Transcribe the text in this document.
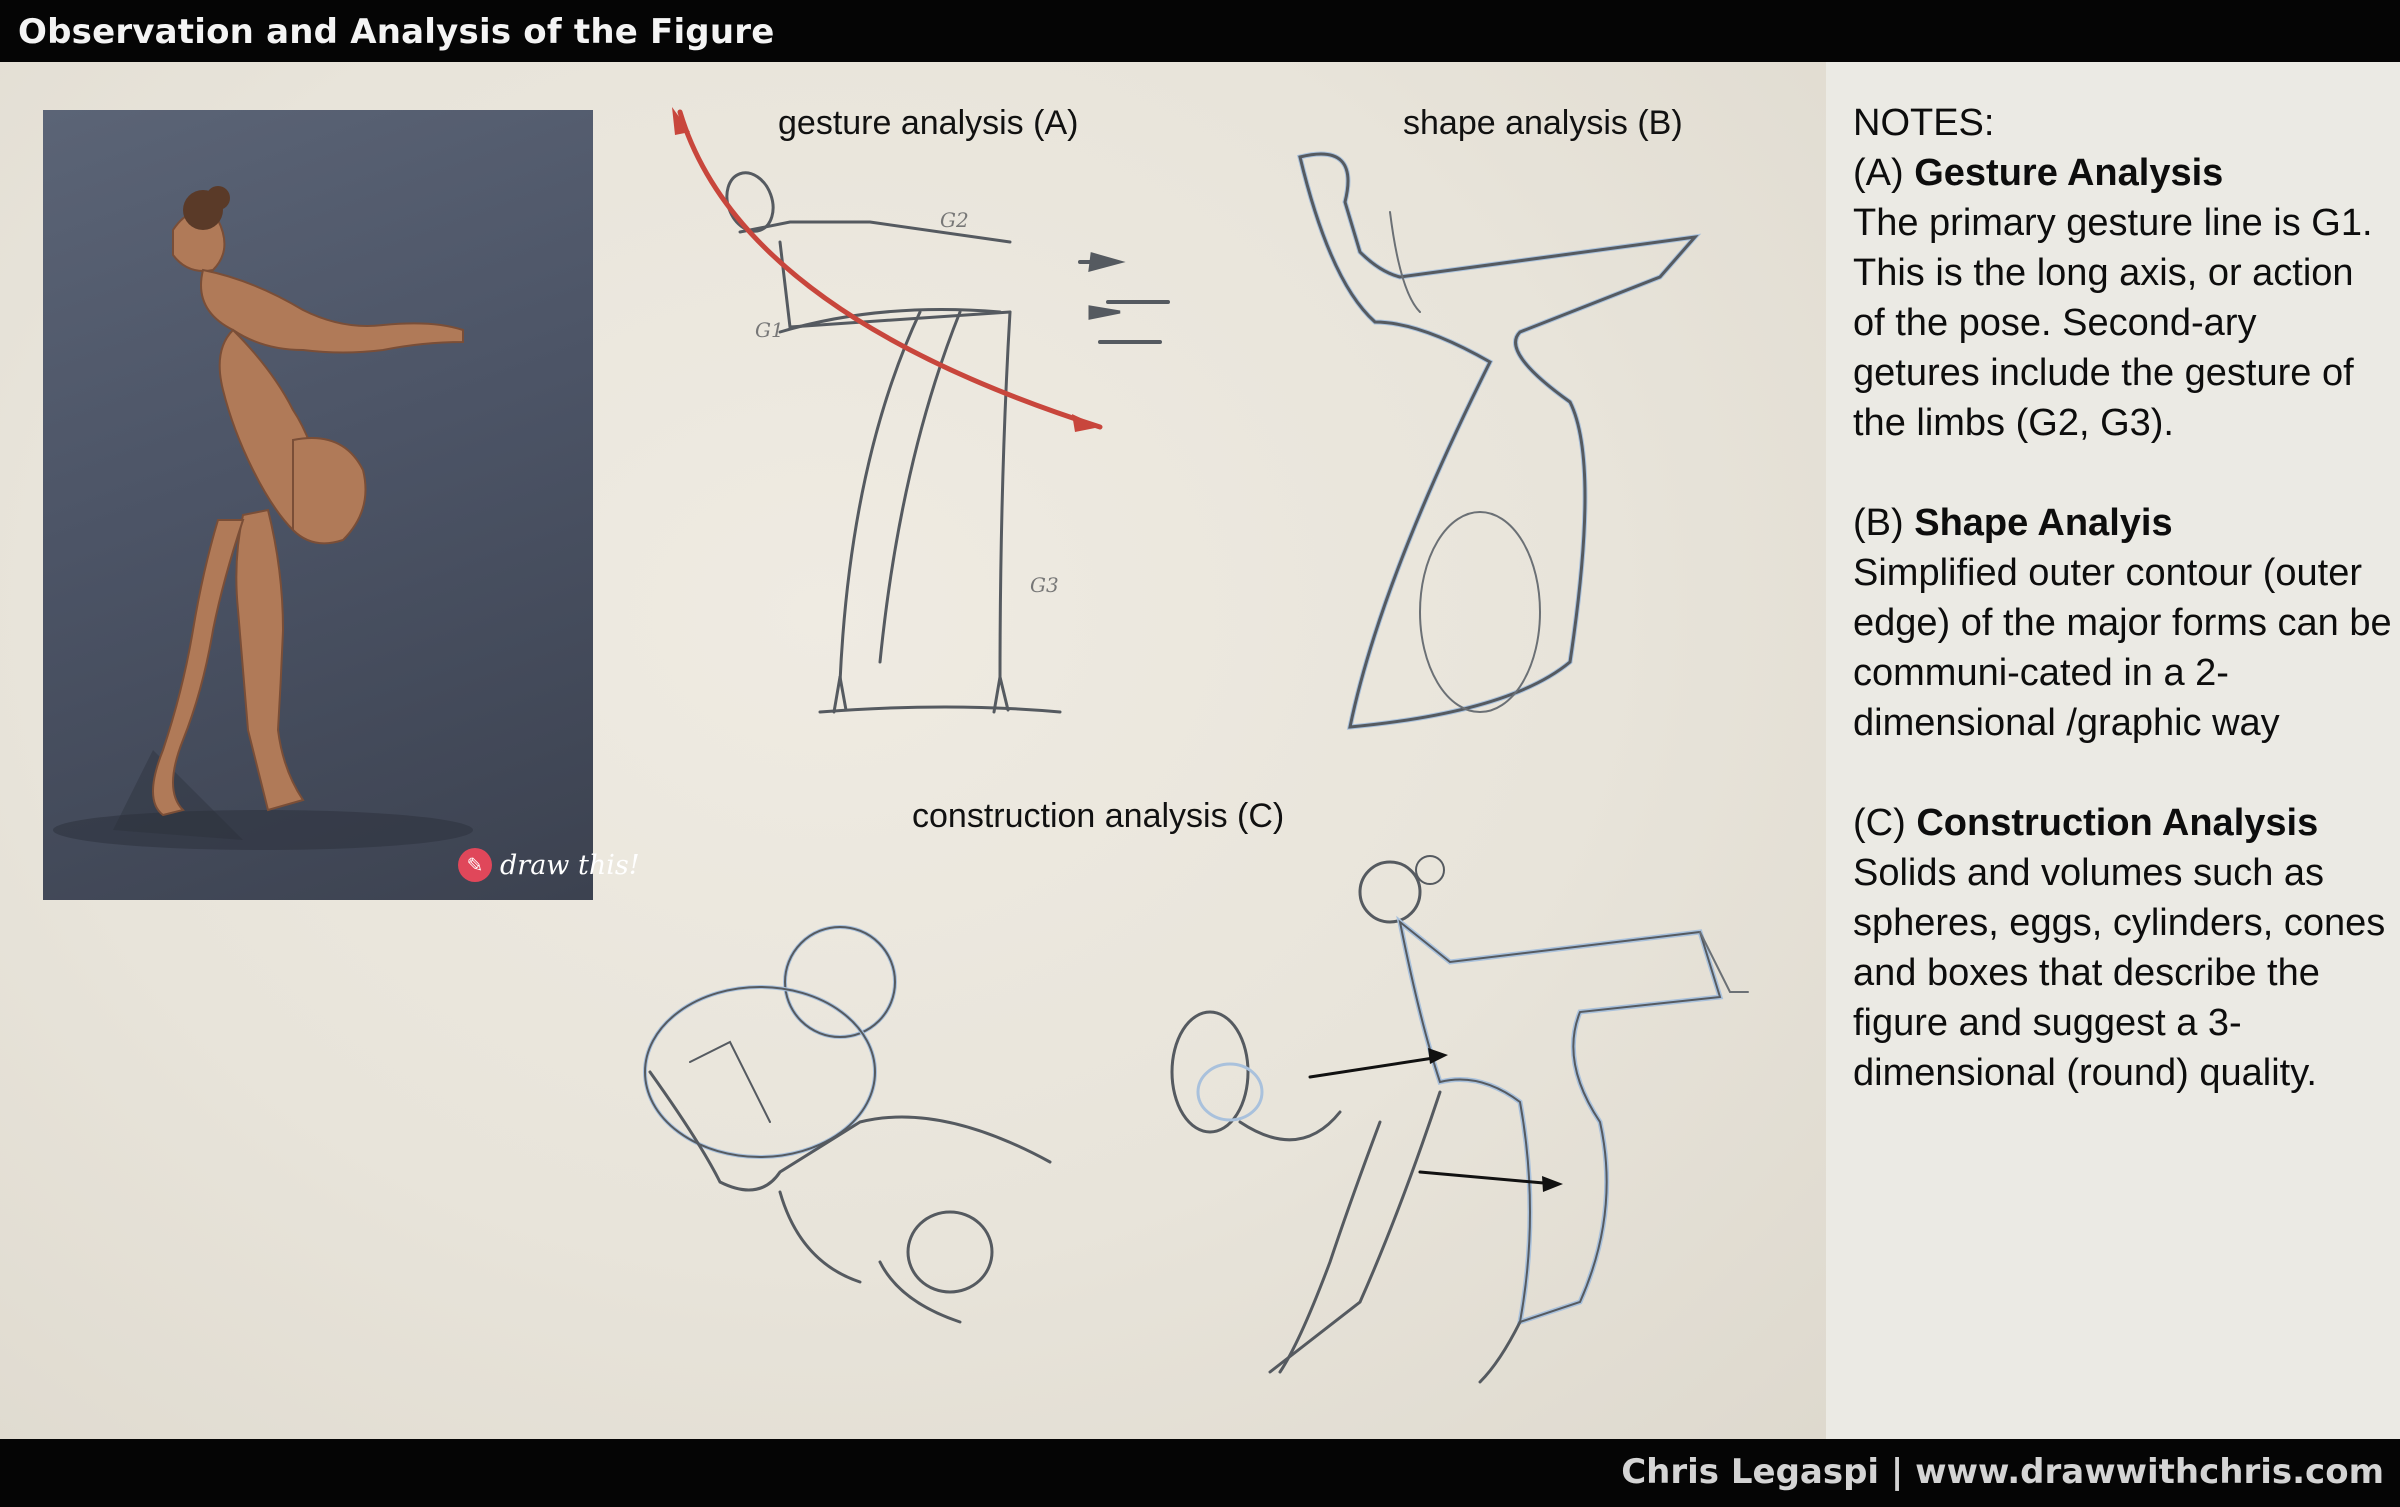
Observation and Analysis of the Figure
✎ draw this!
G1
G2
G3
gesture analysis (A)	shape analysis (B)
construction analysis (C)

NOTES:

(A) Gesture Analysis

The primary gesture line is G1. This is the long axis, or action of the pose. Second-ary getures include the gesture of the limbs (G2, G3).

(B) Shape Analyis

Simplified outer contour (outer edge) of the major forms can be communi-cated in a 2-dimensional /graphic way

(C) Construction Analysis

Solids and volumes such as spheres, eggs, cylinders, cones and boxes that describe the figure and suggest a 3-dimensional (round) quality.

Chris Legaspi | www.drawwithchris.com
